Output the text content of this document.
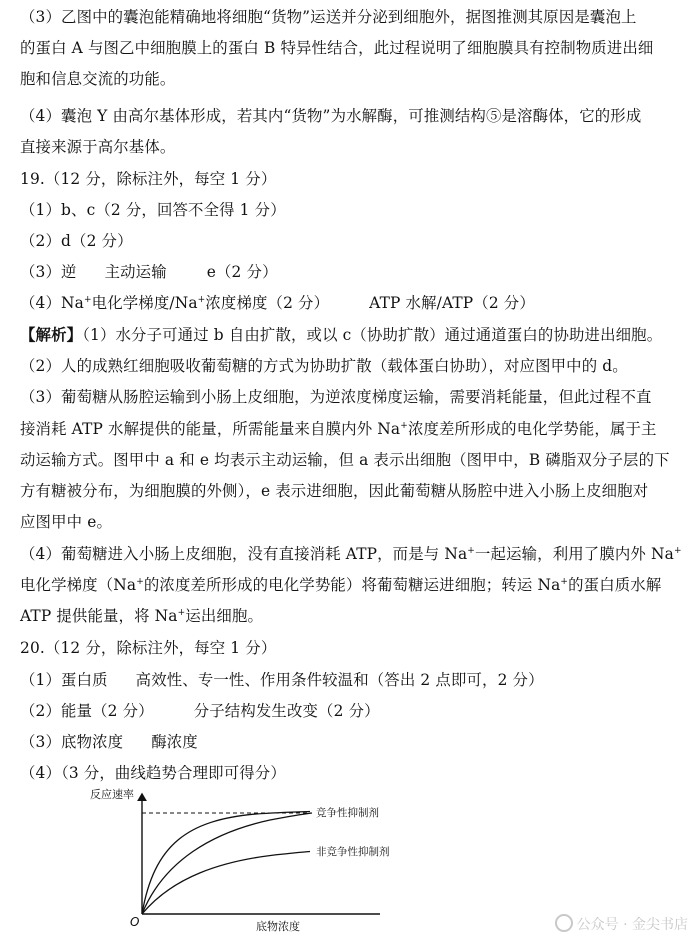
（3）乙图中的囊泡能精确地将细胞“货物”运送并分泌到细胞外，据图推测其原因是囊泡上
的蛋白 A 与图乙中细胞膜上的蛋白 B 特异性结合，此过程说明了细胞膜具有控制物质进出细
胞和信息交流的功能。
（4）囊泡 Y 由高尔基体形成，若其内“货物”为水解酶，可推测结构⑤是溶酶体，它的形成
直接来源于高尔基体。
19.（12 分，除标注外，每空 1 分）
（1）b、c（2 分，回答不全得 1 分）
（2）d（2 分）
（3）逆 主动运输	e（2 分）
（4）Na+电化学梯度/Na+浓度梯度（2 分）	ATP 水解/ATP（2 分）
【解析】（1）水分子可通过 b 自由扩散，或以 c（协助扩散）通过通道蛋白的协助进出细胞。
（2）人的成熟红细胞吸收葡萄糖的方式为协助扩散（载体蛋白协助），对应图甲中的 d。
（3）葡萄糖从肠腔运输到小肠上皮细胞，为逆浓度梯度运输，需要消耗能量，但此过程不直
接消耗 ATP 水解提供的能量，所需能量来自膜内外 Na+浓度差所形成的电化学势能，属于主
动运输方式。图甲中 a 和 e 均表示主动运输，但 a 表示出细胞（图甲中，B 磷脂双分子层的下
方有糖被分布，为细胞膜的外侧），e 表示进细胞，因此葡萄糖从肠腔中进入小肠上皮细胞对
应图甲中 e。
（4）葡萄糖进入小肠上皮细胞，没有直接消耗 ATP，而是与 Na+一起运输，利用了膜内外 Na+
电化学梯度（Na+的浓度差所形成的电化学势能）将葡萄糖运进细胞；转运 Na+的蛋白质水解
ATP 提供能量，将 Na+运出细胞。
20.（12 分，除标注外，每空 1 分）
（1）蛋白质 高效性、专一性、作用条件较温和（答出 2 点即可，2 分）
（2）能量（2 分）	分子结构发生改变（2 分）
（3）底物浓度 酶浓度
（4）（3 分，曲线趋势合理即可得分）
反应速率
底物浓度
O
竞争性抑制剂
非竞争性抑制剂
公众号 · 金尖书店
